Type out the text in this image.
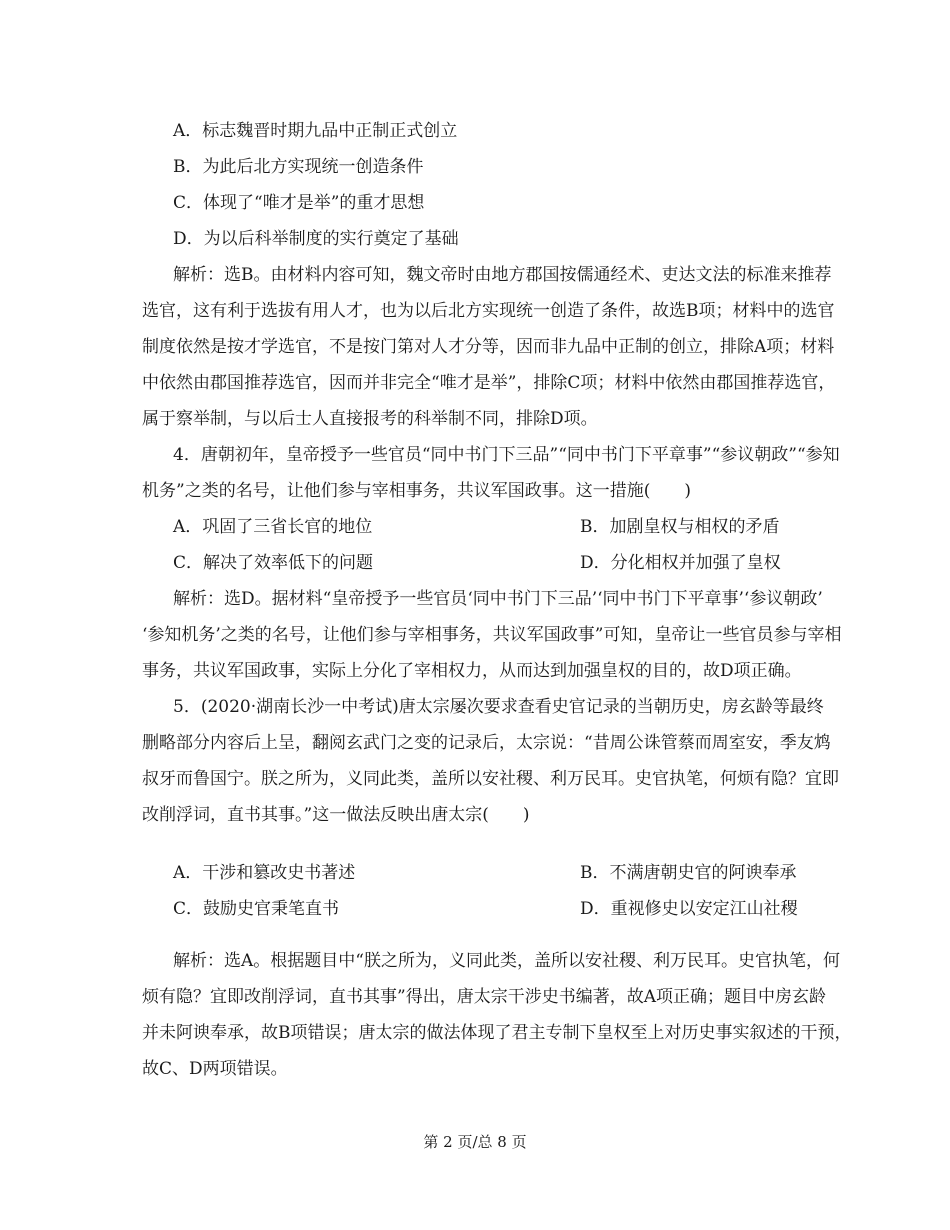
A．标志魏晋时期九品中正制正式创立
B．为此后北方实现统一创造条件
C．体现了“唯才是举”的重才思想
D．为以后科举制度的实行奠定了基础
解析：选B。由材料内容可知，魏文帝时由地方郡国按儒通经术、吏达文法的标准来推荐
选官，这有利于选拔有用人才，也为以后北方实现统一创造了条件，故选B项；材料中的选官
制度依然是按才学选官，不是按门第对人才分等，因而非九品中正制的创立，排除A项；材料
中依然由郡国推荐选官，因而并非完全“唯才是举”，排除C项；材料中依然由郡国推荐选官，
属于察举制，与以后士人直接报考的科举制不同，排除D项。
4．唐朝初年，皇帝授予一些官员“同中书门下三品”“同中书门下平章事”“参议朝政”“参知
机务”之类的名号，让他们参与宰相事务，共议军国政事。这一措施(　　)
A．巩固了三省长官的地位	B．加剧皇权与相权的矛盾
C．解决了效率低下的问题	D．分化相权并加强了皇权
解析：选D。据材料“皇帝授予一些官员‘同中书门下三品’‘同中书门下平章事’‘参议朝政’
‘参知机务’之类的名号，让他们参与宰相事务，共议军国政事”可知，皇帝让一些官员参与宰相
事务，共议军国政事，实际上分化了宰相权力，从而达到加强皇权的目的，故D项正确。
5．(2020·湖南长沙一中考试)唐太宗屡次要求查看史官记录的当朝历史，房玄龄等最终
删略部分内容后上呈，翻阅玄武门之变的记录后，太宗说：“昔周公诛管蔡而周室安，季友鸩
叔牙而鲁国宁。朕之所为，义同此类，盖所以安社稷、利万民耳。史官执笔，何烦有隐？宜即
改削浮词，直书其事。”这一做法反映出唐太宗(　　)
A．干涉和篡改史书著述	B．不满唐朝史官的阿谀奉承
C．鼓励史官秉笔直书	D．重视修史以安定江山社稷
解析：选A。根据题目中“朕之所为，义同此类，盖所以安社稷、利万民耳。史官执笔，何
烦有隐？宜即改削浮词，直书其事”得出，唐太宗干涉史书编著，故A项正确；题目中房玄龄
并未阿谀奉承，故B项错误；唐太宗的做法体现了君主专制下皇权至上对历史事实叙述的干预，
故C、D两项错误。
第 2 页/总 8 页
